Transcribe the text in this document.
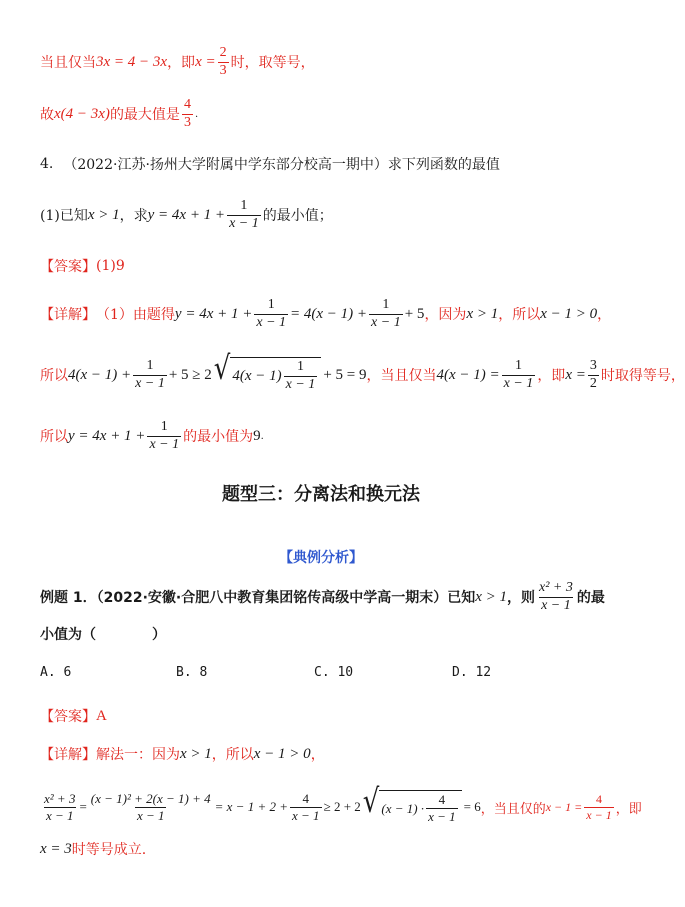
当且仅当 3x = 4 − 3x ，即 $x = \frac{2}{3}$ 时，取等号，
故 x(4 − 3x) 的最大值是 $\frac{4}{3}$ .
4. （2022·江苏·扬州大学附属中学东部分校高一期中）求下列函数的最值
(1)已知 x > 1 ，求 $y = 4x + 1 + \frac{1}{x - 1}$ 的最小值；
【答案】 (1)9
【详解】 （1）由题得 $y = 4x + 1 + \frac{1}{x - 1} = 4(x - 1) + \frac{1}{x - 1} + 5$ ，因为 x > 1 ，所以 x − 1 > 0 ，
所以 $4(x - 1) + \frac{1}{x - 1} + 5 \ge 2$ √ $4(x - 1) \frac{1}{x - 1} + 5 = 9$ ，当且仅当 $4(x - 1) = \frac{1}{x - 1}$ ，即 $x = \frac{3}{2}$ 时取得等号，
所以 $y = 4x + 1 + \frac{1}{x - 1}$ 的最小值为 9 .
题型三：分离法和换元法
【典例分析】
例题 1．（2022·安徽·合肥八中教育集团铭传高级中学高一期末）已知 x > 1 ，则 $\frac{\text{x² + 3}}{x - 1}$ 的最
小值为（　　　　）
A. 6	B. 8	C. 10	D. 12
【答案】 A
【详解】 解法一：因为 x > 1 ，所以 x − 1 > 0 ，
$\frac{\text{x² + 3}}{x - 1} = \frac{\text{(x − 1)² + 2(x − 1) + 4}}{x - 1} = x - 1 + 2 + \frac{4}{x - 1} \ge 2 + 2$ √ $(x - 1) \cdot \frac{4}{x - 1} = 6$ ，当且仅 的 $x - 1 = \frac{4}{x - 1}$ ，即
x = 3 时等号成立.
